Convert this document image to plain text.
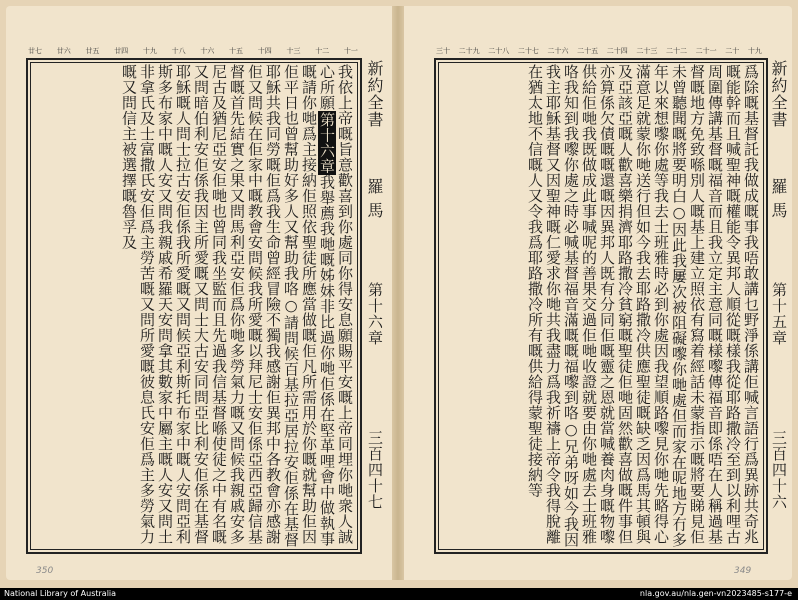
廿七 廿六 廿五 廿四 十九 十八 十六 十五 十四 十三 十二 十一
我依上帝嘅旨意歡喜到你處同你得安息願賜平安嘅上帝同埋你哋衆人誠心所願第十六章我舉薦我哋嘅姊妹非比過你哋佢係在堅革哩會中做執事嘅請你哋爲主接納佢照依聖徒所應當做嘅佢凡所需用於你嘅就幫助佢因佢平日也曾幫助好多人又幫助我咯○請問候百基拉亞居拉安佢係在基督耶穌共我同勞嘅佢爲我生命曾經冒險不獨我感謝佢異邦中各教會亦感謝佢又問候在佢家中嘅教會安問候我所愛嘅以拜尼士安佢係亞西亞歸信基督嘅首先結實之果又問馬利亞安佢爲你哋多勞氣力嘅又問候我親戚安多尼古及猶尼亞安佢哋也曾同我坐監而且先過我信基督喺使徒之中有名嘅又問暗伯利安佢係我因主所愛嘅又問士大古安同問亞比利安佢係在基督耶穌嘅人問士拉古安佢係我所愛嘅又問候亞利斯托布家中嘅人安問亞利斯多布家中嘅人安又問我親戚希羅天安問拿其數家中屬主嘅人安又問土非拿氏及士富撒氏安佢爲主勞苦嘅又問所愛嘅彼息氏安佢爲主多勞氣力嘅又問信主被選擇嘅魯孚及	新約全書
羅馬
第十六章
三百四十七
350
三十 二十九 二十八 二十七 二十六 二十五 二十四 二十三 二十二 二十一 二十 十九
爲除嘅基督託我做成嘅事我唔敢講乜野淨係講佢喊言語行爲異跡共奇兆嘅能幹而且喊聖神嘅權能令異邦人順從嘅樣我從耶路撒冷至到以利哩古周圍傳講基督嘅福音而且我立定主意同嘅樣嚟傳福音即係唔在人稱過基督嘅地方免致喺別人嘅基上建立照依有寫着經話未蒙指示嘅將要睇見佢未曾聽聞嘅將要明白○因此我屢次被阻礙嚟你哋處但而家在呢地方冇多年以來想嚟你處等我去士班雅時必到你處因我望順路嚟見你哋先略得心滿意足就蒙你哋送行但如今我去耶路撒冷供應聖徒嘅缺乏因爲馬其頓與及亞該亞嘅人歡喜樂捐濟耶路撒冷貧窮嘅聖徒佢哋固然歡喜做嘅件事但亦算係欠債嘅嘅還嘅因異邦人既有分同佢嘅靈之恩就當喊養肉身嘅物嚟供給佢哋我既做成此事喊呢的善果交過佢哋收證就要由你哋處去士班雅咯我知到我嚟你處之時必喊基督福音滿嘅嘅福嚟到咯○兄弟呀如今我因我主耶穌基督又因聖神嘅仁愛求你哋共我盡力爲我祈禱上帝令我得脫離在猶太地不信嘅人又令我爲耶路撒冷所有嘅供給得蒙聖徒接納等	新約全書
羅馬
第十五章
三百四十六
349
National Library of Australia	nla.gov.au/nla.gen-vn2023485-s177-e
